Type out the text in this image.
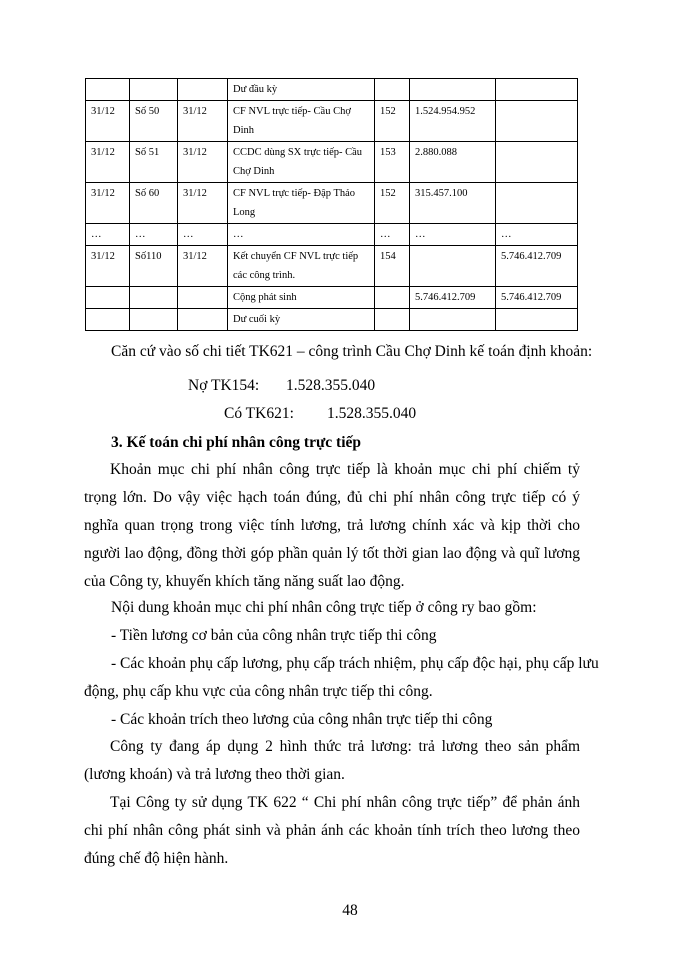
			Dư đầu kỳ			
31/12	Số 50	31/12	CF NVL trực tiếp- Cầu Chợ Dinh	152	1.524.954.952	
31/12	Số 51	31/12	CCDC dùng SX trực tiếp- Cầu Chợ Dinh	153	2.880.088	
31/12	Số 60	31/12	CF NVL trực tiếp- Đập Thảo Long	152	315.457.100	
…	…	…	…	…	…	…
31/12	Số110	31/12	Kết chuyển CF NVL trực tiếp các công trình.	154		5.746.412.709
			Cộng phát sinh		5.746.412.709	5.746.412.709
			Dư cuối kỳ			
Căn cứ vào số chi tiết TK621 – công trình Cầu Chợ Dinh kế toán định khoản:
Nợ TK154: 1.528.355.040
Có TK621: 1.528.355.040
3. Kế toán chi phí nhân công trực tiếp
Khoản mục chi phí nhân công trực tiếp là khoản mục chi phí chiếm tỷ trọng lớn. Do vậy việc hạch toán đúng, đủ chi phí nhân công trực tiếp có ý nghĩa quan trọng trong việc tính lương, trả lương chính xác và kịp thời cho người lao động, đồng thời góp phần quản lý tốt thời gian lao động và quĩ lương của Công ty, khuyến khích tăng năng suất lao động.
Nội dung khoản mục chi phí nhân công trực tiếp ở công ry bao gồm:
- Tiền lương cơ bản của công nhân trực tiếp thi công
- Các khoản phụ cấp lương, phụ cấp trách nhiệm, phụ cấp độc hại, phụ cấp lưu
động, phụ cấp khu vực của công nhân trực tiếp thi công.
- Các khoản trích theo lương của công nhân trực tiếp thi công
Công ty đang áp dụng 2 hình thức trả lương: trả lương theo sản phẩm (lương khoán) và trả lương theo thời gian.
Tại Công ty sử dụng TK 622 “ Chi phí nhân công trực tiếp” để phản ánh chi phí nhân công phát sinh và phản ánh các khoản tính trích theo lương theo đúng chế độ hiện hành.
48
